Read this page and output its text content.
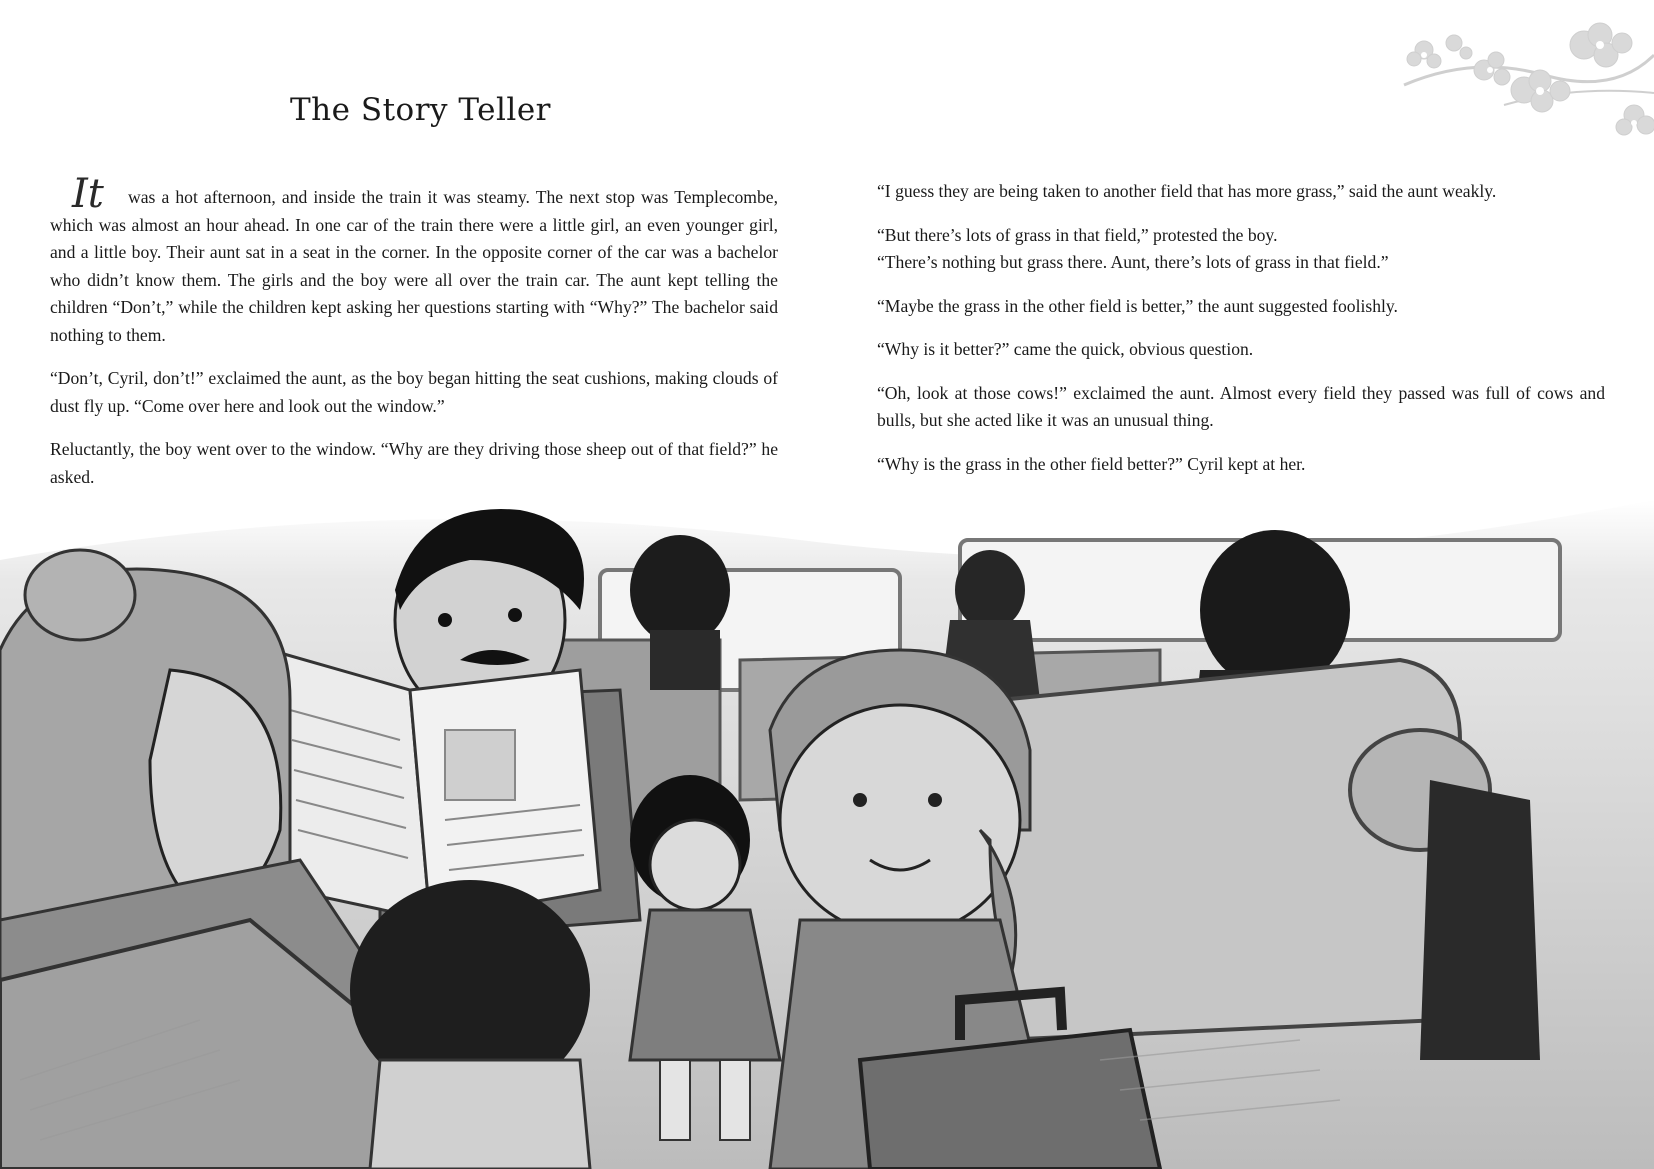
The Story Teller

It was a hot afternoon, and inside the train it was steamy. The next stop was Templecombe, which was almost an hour ahead. In one car of the train there were a little girl, an even younger girl, and a little boy. Their aunt sat in a seat in the corner. In the opposite corner of the car was a bachelor who didn’t know them. The girls and the boy were all over the train car. The aunt kept telling the children “Don’t,” while the children kept asking her questions starting with “Why?” The bachelor said nothing to them.

“Don’t, Cyril, don’t!” exclaimed the aunt, as the boy began hitting the seat cushions, making clouds of dust fly up. “Come over here and look out the window.”

Reluctantly, the boy went over to the window. “Why are they driving those sheep out of that field?” he asked.

“I guess they are being taken to another field that has more grass,” said the aunt weakly.

“But there’s lots of grass in that field,” protested the boy.
“There’s nothing but grass there. Aunt, there’s lots of grass in that field.”

“Maybe the grass in the other field is better,” the aunt suggested foolishly.

“Why is it better?” came the quick, obvious question.

“Oh, look at those cows!” exclaimed the aunt. Almost every field they passed was full of cows and bulls, but she acted like it was an unusual thing.

“Why is the grass in the other field better?” Cyril kept at her.
